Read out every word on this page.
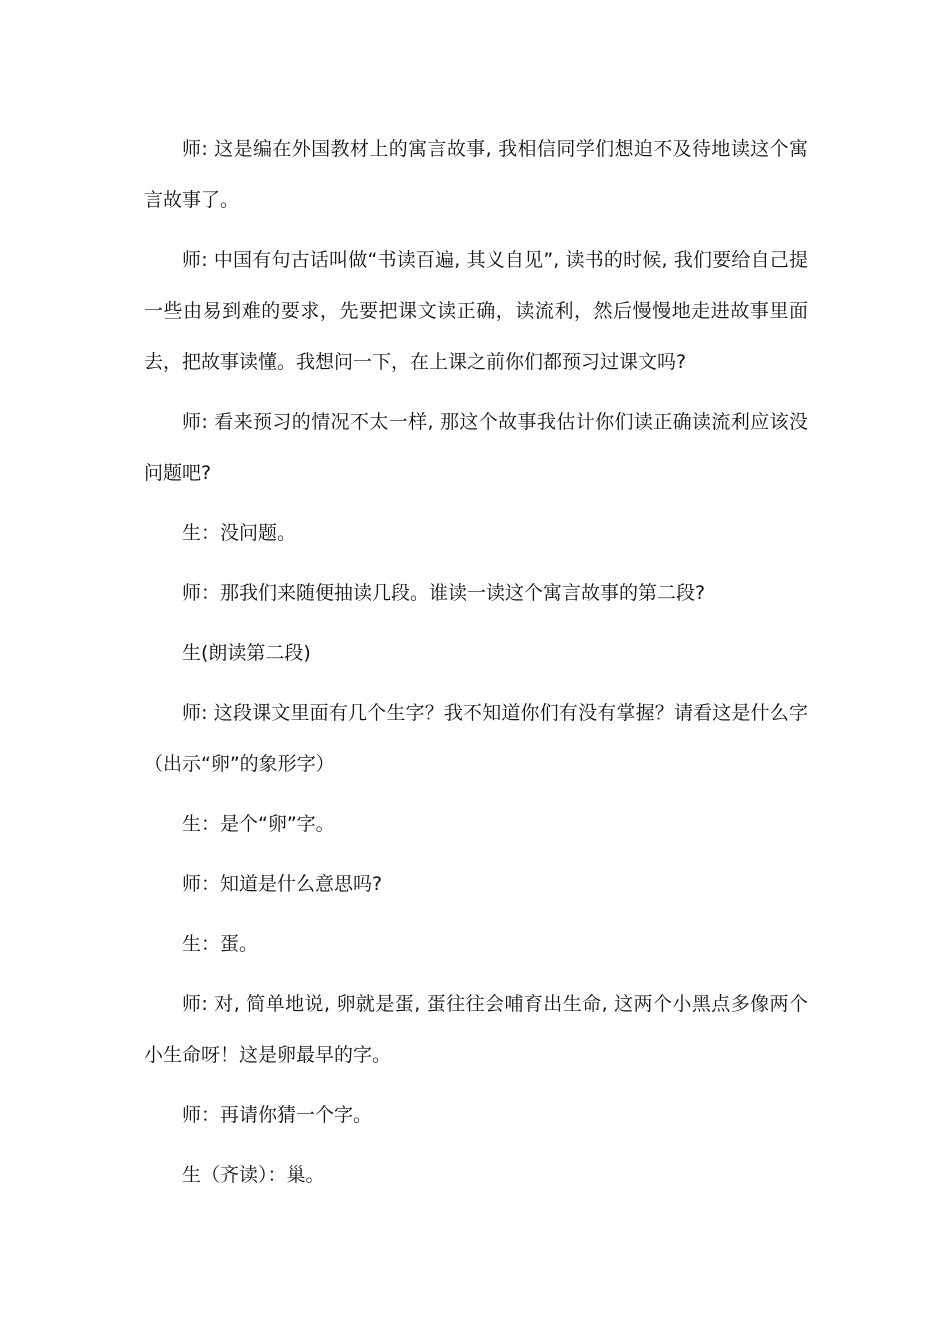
师: 这是编在外国教材上的寓言故事, 我相信同学们想迫不及待地读这个寓言故事了。

师: 中国有句古话叫做“书读百遍, 其义自见”, 读书的时候, 我们要给自己提一些由易到难的要求，先要把课文读正确，读流利，然后慢慢地走进故事里面去，把故事读懂。我想问一下，在上课之前你们都预习过课文吗?

师: 看来预习的情况不太一样, 那这个故事我估计你们读正确读流利应该没问题吧?

生：没问题。

师：那我们来随便抽读几段。谁读一读这个寓言故事的第二段?

生(朗读第二段)

师: 这段课文里面有几个生字？我不知道你们有没有掌握？请看这是什么字（出示“卵”的象形字）

生：是个“卵”字。

师：知道是什么意思吗?

生：蛋。

师: 对, 简单地说, 卵就是蛋, 蛋往往会哺育出生命, 这两个小黑点多像两个小生命呀！这是卵最早的字。

师：再请你猜一个字。

生（齐读）：巢。
